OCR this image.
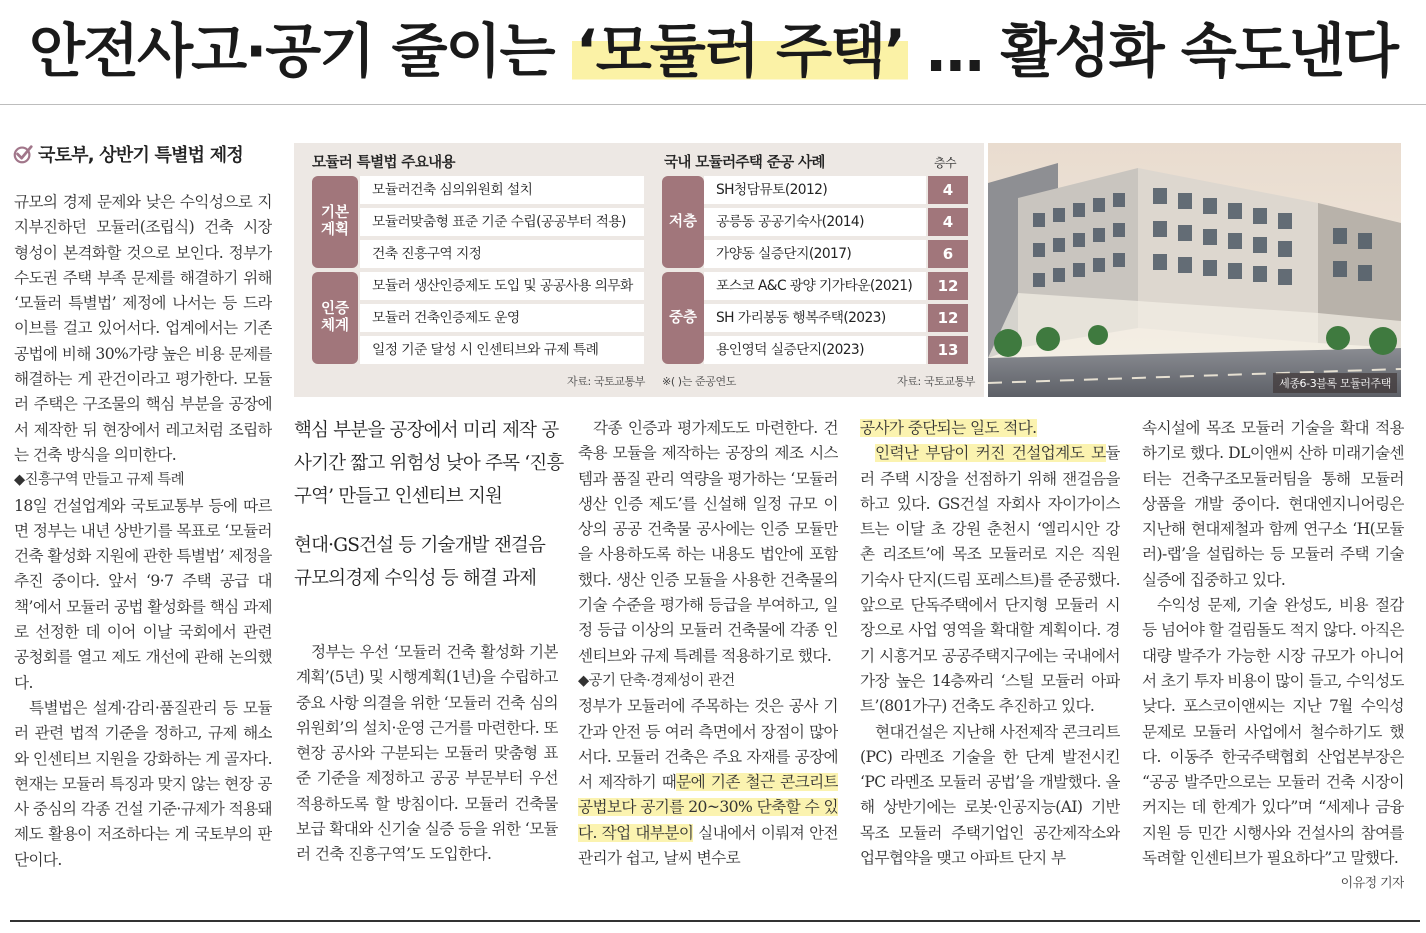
안전사고·공기 줄이는 ‘모듈러 주택’ … 활성화 속도낸다
국토부, 상반기 특별법 제정

규모의 경제 문제와 낮은 수익성으로 지지부진하던 모듈러(조립식) 건축 시장 형성이 본격화할 것으로 보인다. 정부가 수도권 주택 부족 문제를 해결하기 위해 ‘모듈러 특별법’ 제정에 나서는 등 드라이브를 걸고 있어서다. 업계에서는 기존 공법에 비해 30%가량 높은 비용 문제를 해결하는 게 관건이라고 평가한다. 모듈러 주택은 구조물의 핵심 부분을 공장에서 제작한 뒤 현장에서 레고처럼 조립하는 건축 방식을 의미한다.

◆진흥구역 만들고 규제 특례

18일 건설업계와 국토교통부 등에 따르면 정부는 내년 상반기를 목표로 ‘모듈러 건축 활성화 지원에 관한 특별법’ 제정을 추진 중이다. 앞서 ‘9·7 주택 공급 대책’에서 모듈러 공법 활성화를 핵심 과제로 선정한 데 이어 이날 국회에서 관련 공청회를 열고 제도 개선에 관해 논의했다.

특별법은 설계·감리·품질관리 등 모듈러 관련 법적 기준을 정하고, 규제 해소와 인센티브 지원을 강화하는 게 골자다. 현재는 모듈러 특징과 맞지 않는 현장 공사 중심의 각종 건설 기준·규제가 적용돼 제도 활용이 저조하다는 게 국토부의 판단이다.

모듈러 특별법 주요내용	국내 모듈러주택 준공 사례	층수
기본
계획
모듈러건축 심의위원회 설치
모듈러맞춤형 표준 기준 수립(공공부터 적용)
건축 진흥구역 지정
인증
체계
모듈러 생산인증제도 도입 및 공공사용 의무화
모듈러 건축인증제도 운영
일정 기준 달성 시 인센티브와 규제 특례
자료: 국토교통부
저층
SH청담뮤토(2012)	4
공릉동 공공기숙사(2014)	4
가양동 실증단지(2017)	6
중층
포스코 A&C 광양 기가타운(2021)	12
SH 가리봉동 행복주택(2023)	12
용인영덕 실증단지(2023)	13
※( )는 준공연도	자료: 국토교통부	세종6-3블록 모듈러주택
핵심 부분을 공장에서 미리 제작 공사기간 짧고 위험성 낮아 주목 ‘진흥구역’ 만들고 인센티브 지원
현대·GS건설 등 기술개발 잰걸음 규모의경제 수익성 등 해결 과제

정부는 우선 ‘모듈러 건축 활성화 기본계획’(5년) 및 시행계획(1년)을 수립하고 중요 사항 의결을 위한 ‘모듈러 건축 심의위원회’의 설치·운영 근거를 마련한다. 또 현장 공사와 구분되는 모듈러 맞춤형 표준 기준을 제정하고 공공 부문부터 우선 적용하도록 할 방침이다. 모듈러 건축물 보급 확대와 신기술 실증 등을 위한 ‘모듈러 건축 진흥구역’도 도입한다.

각종 인증과 평가제도도 마련한다. 건축용 모듈을 제작하는 공장의 제조 시스템과 품질 관리 역량을 평가하는 ‘모듈러 생산 인증 제도’를 신설해 일정 규모 이상의 공공 건축물 공사에는 인증 모듈만을 사용하도록 하는 내용도 법안에 포함했다. 생산 인증 모듈을 사용한 건축물의 기술 수준을 평가해 등급을 부여하고, 일정 등급 이상의 모듈러 건축물에 각종 인센티브와 규제 특례를 적용하기로 했다.

◆공기 단축·경제성이 관건

정부가 모듈러에 주목하는 것은 공사 기간과 안전 등 여러 측면에서 장점이 많아서다. 모듈러 건축은 주요 자재를 공장에서 제작하기 때문에 기존 철근 콘크리트 공법보다 공기를 20~30% 단축할 수 있다. 작업 대부분이 실내에서 이뤄져 안전관리가 쉽고, 날씨 변수로

공사가 중단되는 일도 적다.

인력난 부담이 커진 건설업계도 모듈러 주택 시장을 선점하기 위해 잰걸음을 하고 있다. GS건설 자회사 자이가이스트는 이달 초 강원 춘천시 ‘엘리시안 강촌 리조트’에 목조 모듈러로 지은 직원 기숙사 단지(드림 포레스트)를 준공했다. 앞으로 단독주택에서 단지형 모듈러 시장으로 사업 영역을 확대할 계획이다. 경기 시흥거모 공공주택지구에는 국내에서 가장 높은 14층짜리 ‘스틸 모듈러 아파트’(801가구) 건축도 추진하고 있다.

현대건설은 지난해 사전제작 콘크리트(PC) 라멘조 기술을 한 단계 발전시킨 ‘PC 라멘조 모듈러 공법’을 개발했다. 올해 상반기에는 로봇·인공지능(AI) 기반 목조 모듈러 주택기업인 공간제작소와 업무협약을 맺고 아파트 단지 부

속시설에 목조 모듈러 기술을 확대 적용하기로 했다. DL이앤씨 산하 미래기술센터는 건축구조모듈러팀을 통해 모듈러 상품을 개발 중이다. 현대엔지니어링은 지난해 현대제철과 함께 연구소 ‘H(모듈러)-랩’을 설립하는 등 모듈러 주택 기술 실증에 집중하고 있다.

수익성 문제, 기술 완성도, 비용 절감 등 넘어야 할 걸림돌도 적지 않다. 아직은 대량 발주가 가능한 시장 규모가 아니어서 초기 투자 비용이 많이 들고, 수익성도 낮다. 포스코이앤씨는 지난 7월 수익성 문제로 모듈러 사업에서 철수하기도 했다. 이동주 한국주택협회 산업본부장은 “공공 발주만으로는 모듈러 건축 시장이 커지는 데 한계가 있다”며 “세제나 금융 지원 등 민간 시행사와 건설사의 참여를 독려할 인센티브가 필요하다”고 말했다.
이유정 기자
